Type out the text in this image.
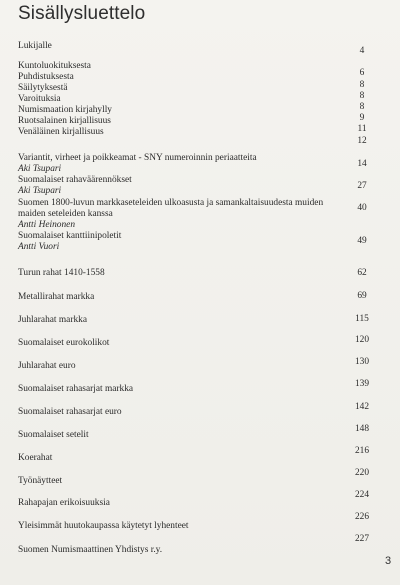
Sisällysluettelo
Lukijalle
Kuntoluokituksesta
Puhdistuksesta
Säilytyksestä
Varoituksia
Numismaation kirjahylly
Ruotsalainen kirjallisuus
Venäläinen kirjallisuus
Variantit, virheet ja poikkeamat - SNY numeroinnin periaatteita
Aki Tsupari
Suomalaiset rahaväärennökset
Aki Tsupari
Suomen 1800-luvun markkaseteleiden ulkoasusta ja samankaltaisuudesta muiden
maiden seteleiden kanssa
Antti Heinonen
Suomalaiset kanttiinipoletit
Antti Vuori
Turun rahat 1410-1558
Metallirahat markka
Juhlarahat markka
Suomalaiset eurokolikot
Juhlarahat euro
Suomalaiset rahasarjat markka
Suomalaiset rahasarjat euro
Suomalaiset setelit
Koerahat
Työnäytteet
Rahapajan erikoisuuksia
Yleisimmät huutokaupassa käytetyt lyhenteet
Suomen Numismaattinen Yhdistys r.y.
4
6
8
8
8
9
11
12
14
27
40
49
62
69
115
120
130
139
142
148
216
220
224
226
227
3
